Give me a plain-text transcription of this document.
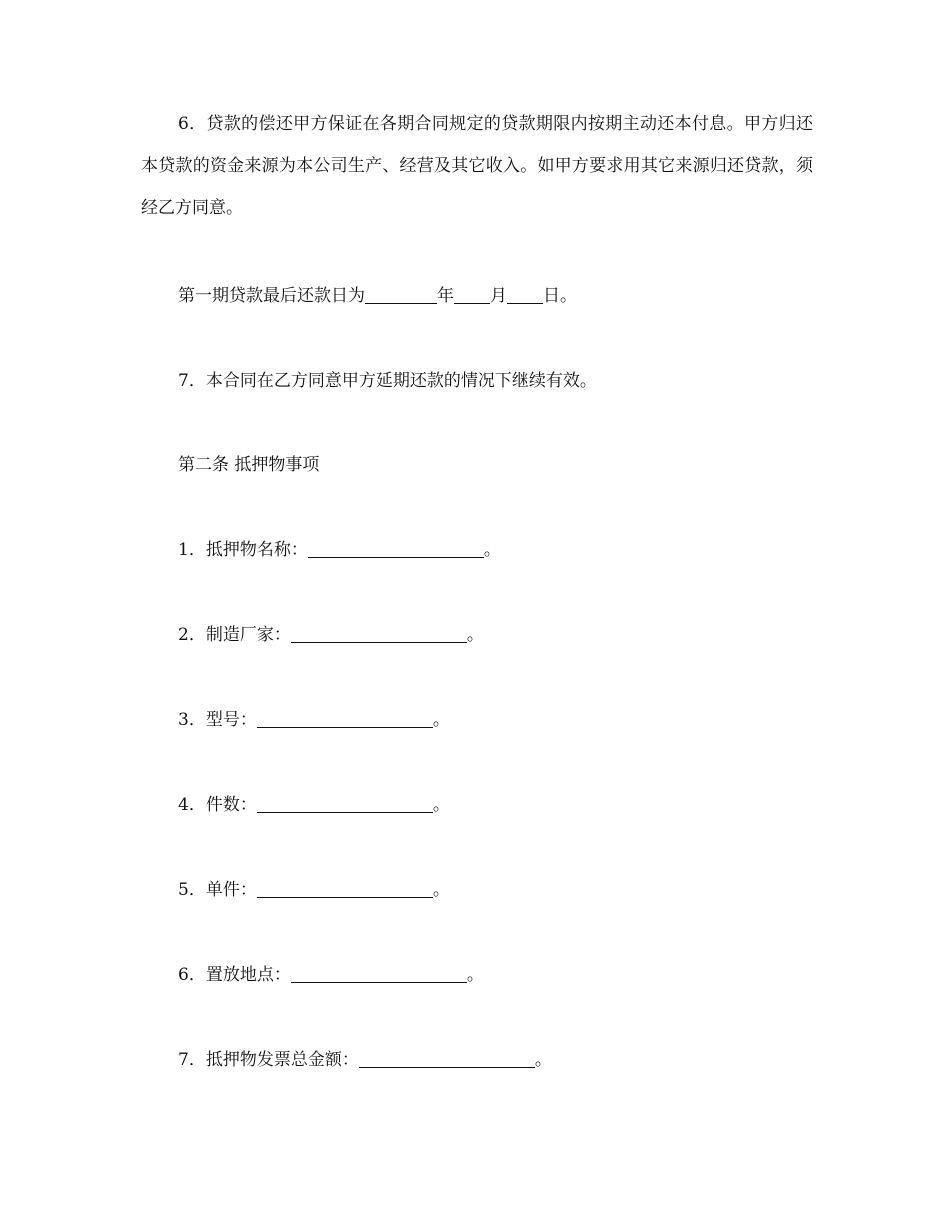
6．贷款的偿还甲方保证在各期合同规定的贷款期限内按期主动还本付息。甲方归还本贷款的资金来源为本公司生产、经营及其它收入。如甲方要求用其它来源归还贷款，须经乙方同意。

第一期贷款最后还款日为	年 月 日。

7．本合同在乙方同意甲方延期还款的情况下继续有效。

第二条 抵押物事项

1．抵押物名称：	。

2．制造厂家：	。

3．型号：	。

4．件数：	。

5．单件：	。

6．置放地点：	。

7．抵押物发票总金额：	。
